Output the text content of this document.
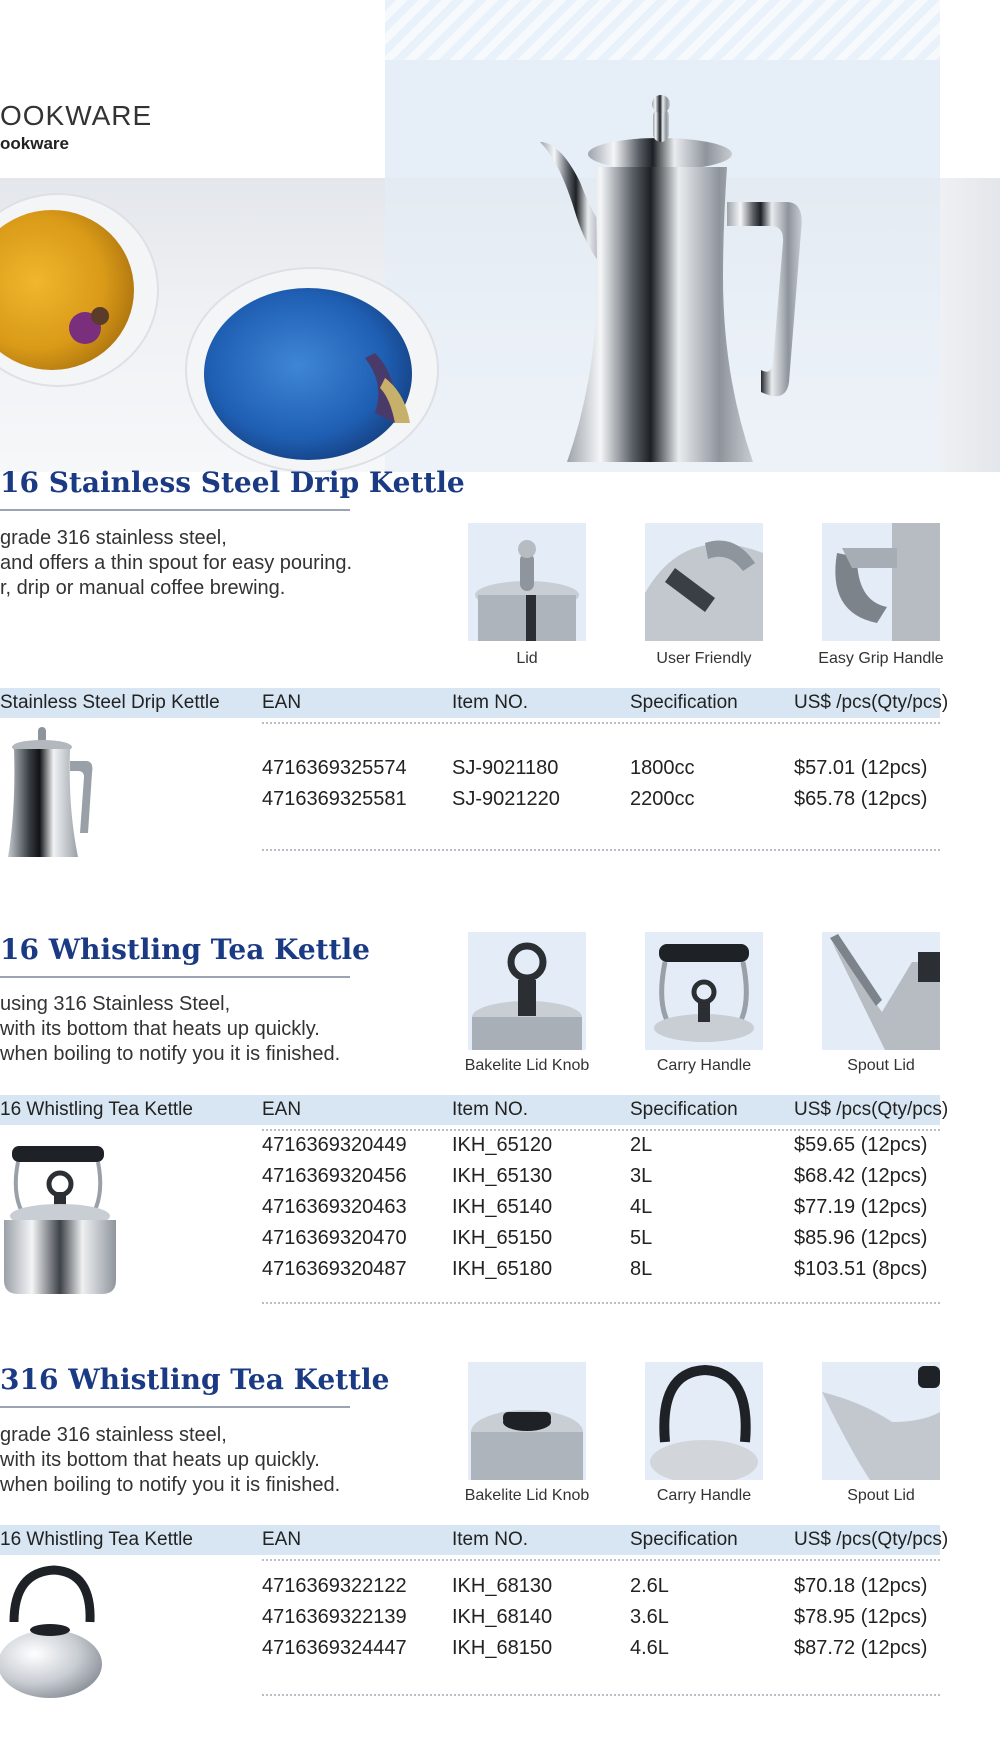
OOKWARE
ookware
16 Stainless Steel Drip Kettle
grade 316 stainless steel,
and offers a thin spout for easy pouring.
r, drip or manual coffee brewing.
Lid	User Friendly	Easy Grip Handle
Stainless Steel Drip Kettle EAN	Item NO.	Specification	US$ /pcs(Qty/pcs)
4716369325574 SJ-9021180	1800cc	$57.01 (12pcs)
4716369325581 SJ-9021220	2200cc	$65.78 (12pcs)
16 Whistling Tea Kettle
using 316 Stainless Steel,
with its bottom that heats up quickly.
when boiling to notify you it is finished.
Bakelite Lid Knob	Carry Handle	Spout Lid
16 Whistling Tea Kettle	EAN	Item NO.	Specification	US$ /pcs(Qty/pcs)
4716369320449 IKH_65120	2L	$59.65 (12pcs)
4716369320456 IKH_65130	3L	$68.42 (12pcs)
4716369320463 IKH_65140	4L	$77.19 (12pcs)
4716369320470 IKH_65150	5L	$85.96 (12pcs)
4716369320487 IKH_65180	8L	$103.51 (8pcs)
316 Whistling Tea Kettle
grade 316 stainless steel,
with its bottom that heats up quickly.
when boiling to notify you it is finished.	Bakelite Lid Knob	Carry Handle	Spout Lid
16 Whistling Tea Kettle	EAN	Item NO.	Specification	US$ /pcs(Qty/pcs)
4716369322122 IKH_68130	2.6L	$70.18 (12pcs)
4716369322139 IKH_68140	3.6L	$78.95 (12pcs)
4716369324447 IKH_68150	4.6L	$87.72 (12pcs)
